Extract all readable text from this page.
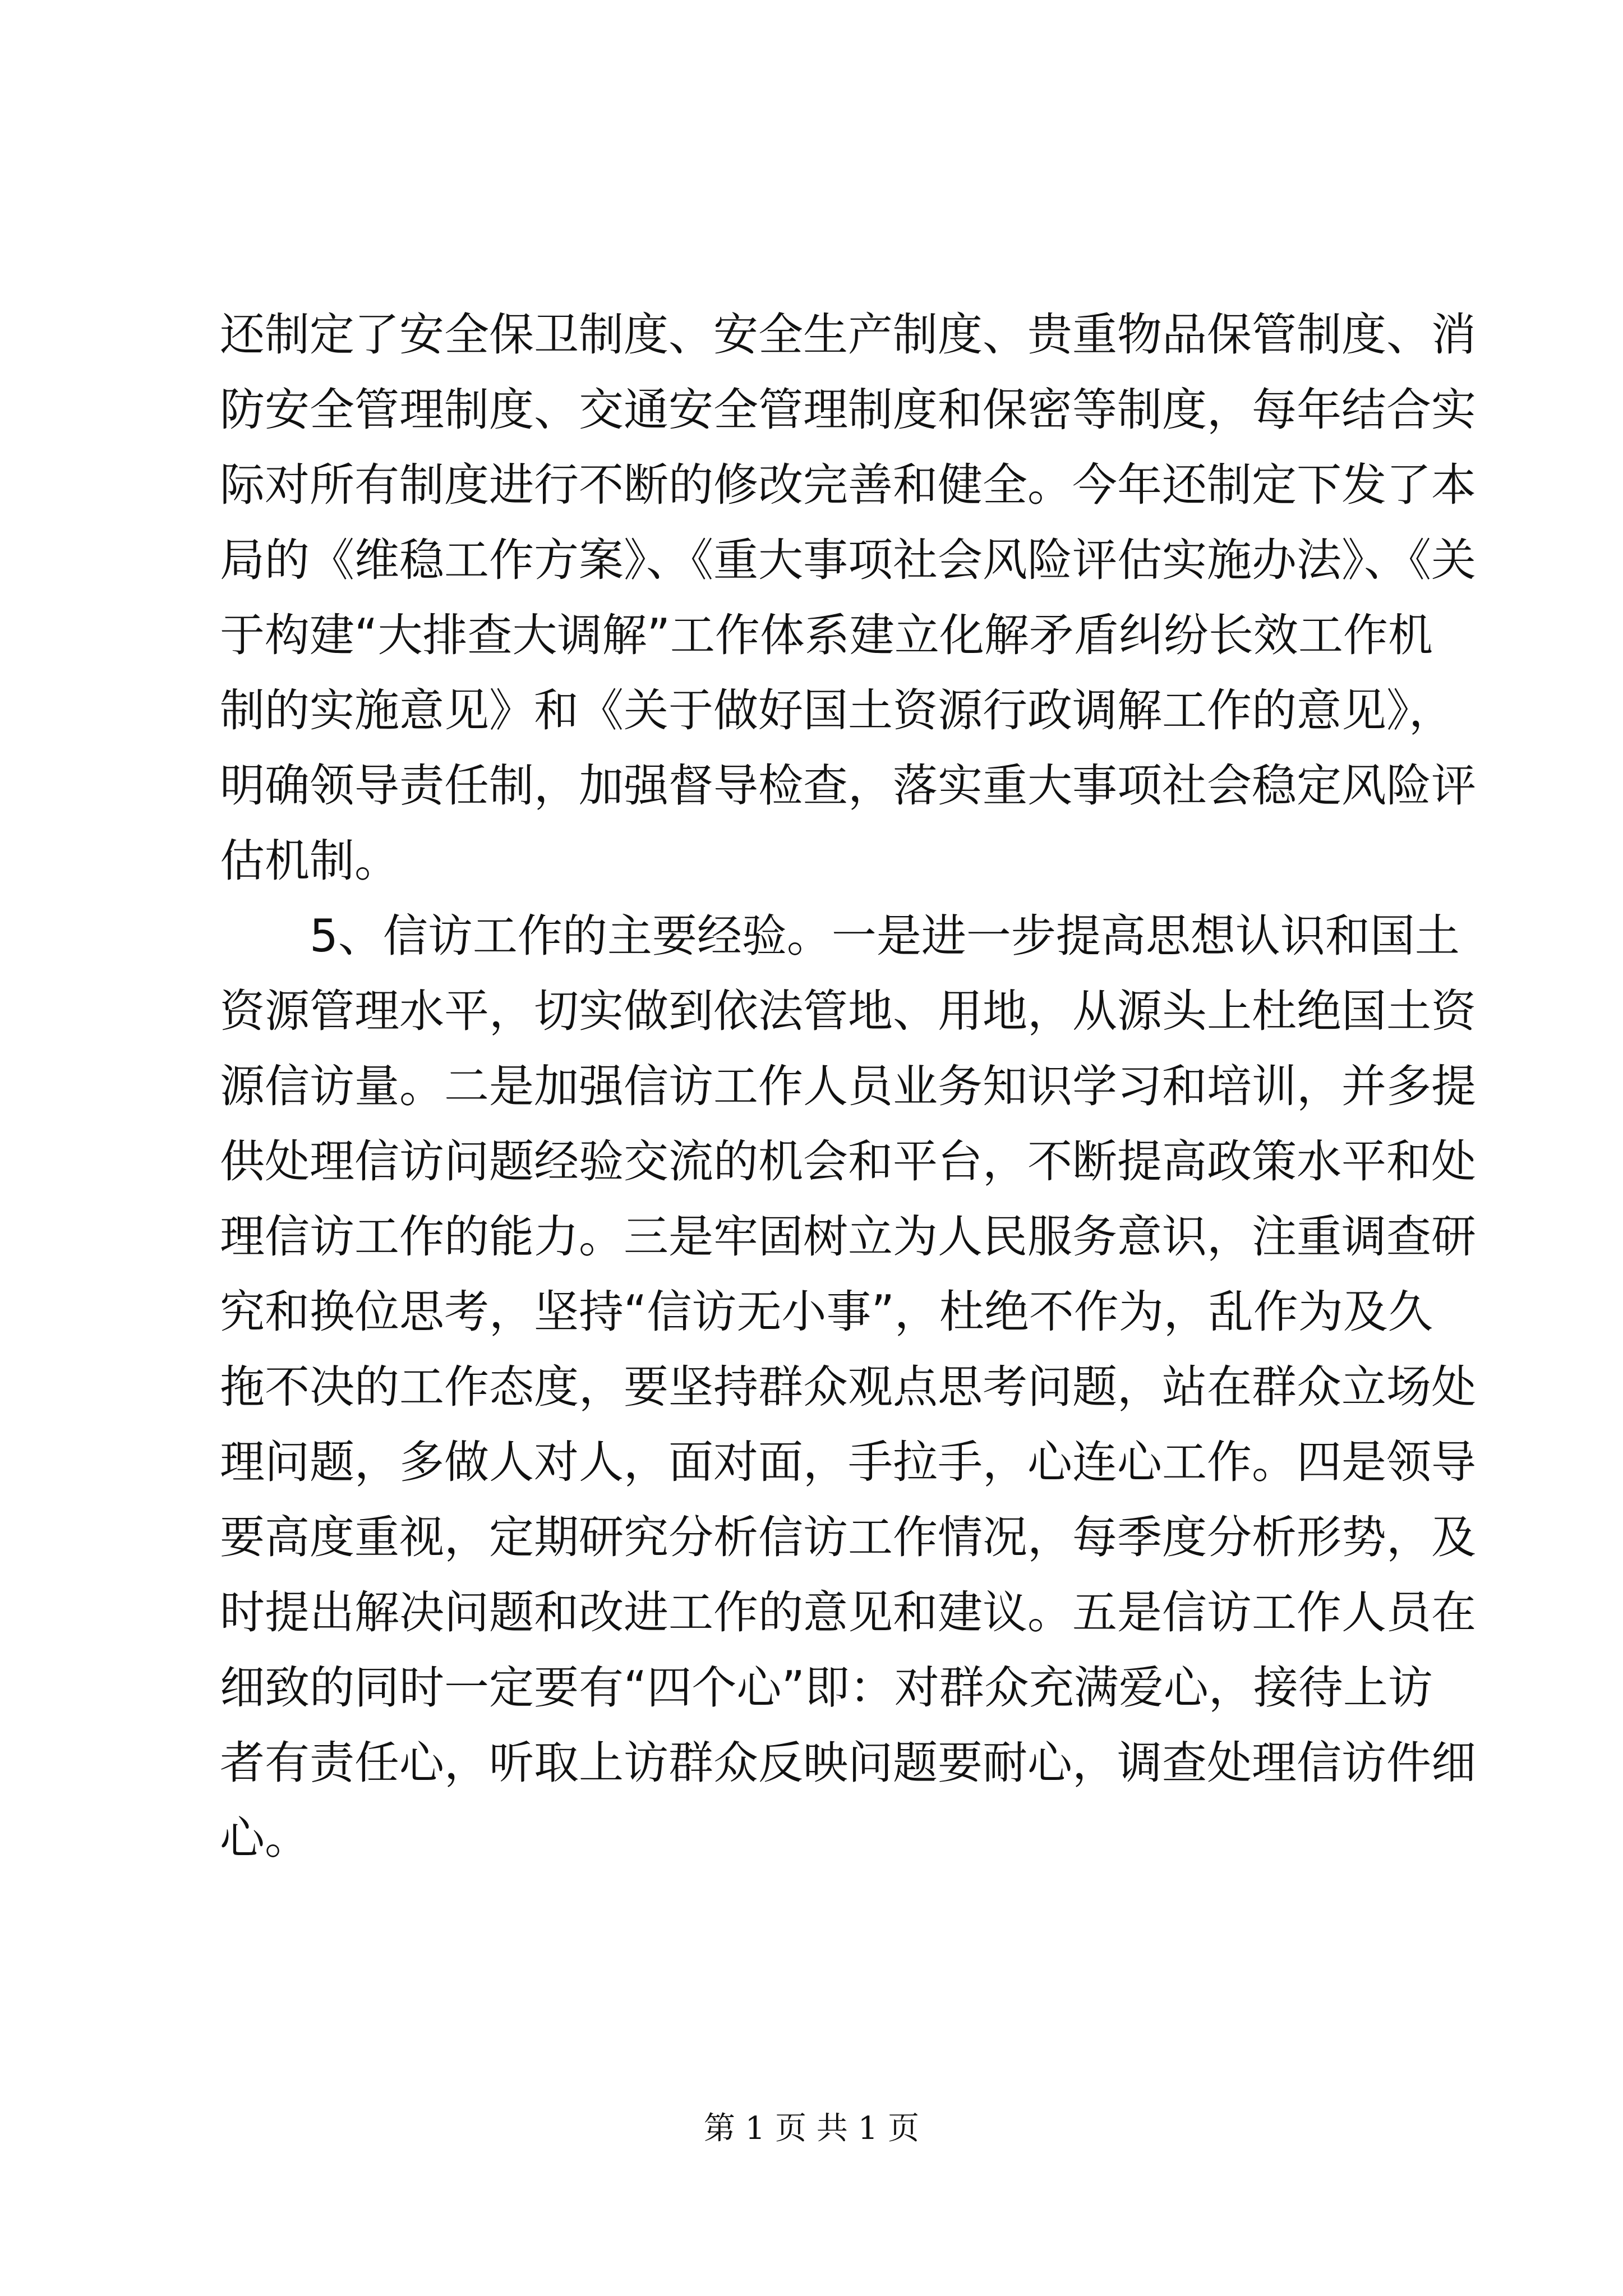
还制定了安全保卫制度、安全生产制度、贵重物品保管制度、消
防安全管理制度、交通安全管理制度和保密等制度，每年结合实
际对所有制度进行不断的修改完善和健全。今年还制定下发了本
局的《维稳工作方案》、《重大事项社会风险评估实施办法》、《关
于构建“大排查大调解”工作体系建立化解矛盾纠纷长效工作机
制的实施意见》和《关于做好国土资源行政调解工作的意见》，
明确领导责任制，加强督导检查，落实重大事项社会稳定风险评
估机制。
　　5、信访工作的主要经验。一是进一步提高思想认识和国土
资源管理水平，切实做到依法管地、用地，从源头上杜绝国土资
源信访量。二是加强信访工作人员业务知识学习和培训，并多提
供处理信访问题经验交流的机会和平台，不断提高政策水平和处
理信访工作的能力。三是牢固树立为人民服务意识，注重调查研
究和换位思考，坚持“信访无小事”，杜绝不作为，乱作为及久
拖不决的工作态度，要坚持群众观点思考问题，站在群众立场处
理问题，多做人对人，面对面，手拉手，心连心工作。四是领导
要高度重视，定期研究分析信访工作情况，每季度分析形势，及
时提出解决问题和改进工作的意见和建议。五是信访工作人员在
细致的同时一定要有“四个心”即：对群众充满爱心，接待上访
者有责任心，听取上访群众反映问题要耐心，调查处理信访件细
心。
第 1 页 共 1 页
